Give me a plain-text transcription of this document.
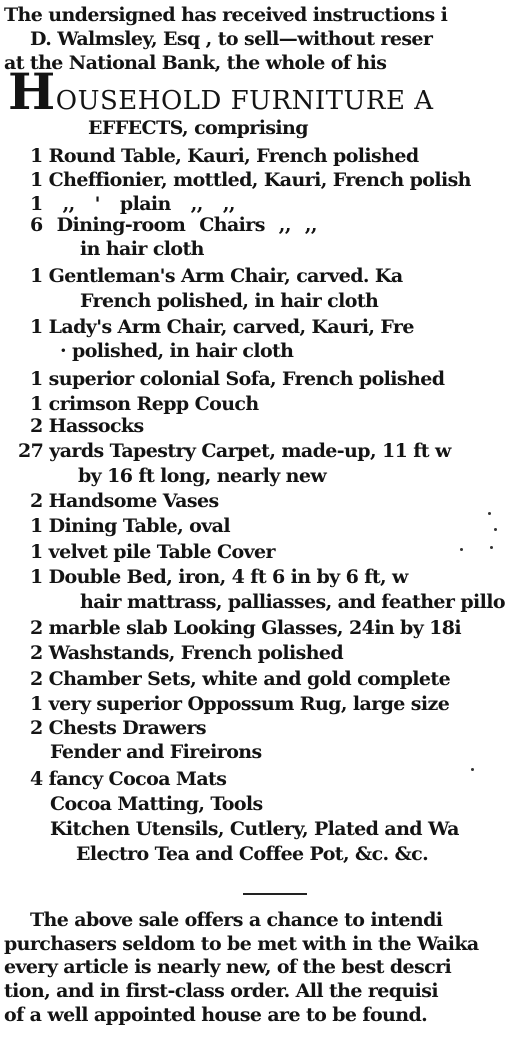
The undersigned has received instructions i
D. Walmsley, Esq , to sell—without reser
at the National Bank, the whole of his
HOUSEHOLD FURNITURE A
EFFECTS, comprising
1 Round Table, Kauri, French polished
1 Cheffionier, mottled, Kauri, French polish
1 ,, ' plain ,, ,,
6 Dining-room Chairs ,, ,,
in hair cloth
1 Gentleman's Arm Chair, carved. Ka
French polished, in hair cloth
1 Lady's Arm Chair, carved, Kauri, Fre
· polished, in hair cloth
1 superior colonial Sofa, French polished
1 crimson Repp Couch
2 Hassocks
27 yards Tapestry Carpet, made-up, 11 ft w
by 16 ft long, nearly new
2 Handsome Vases
1 Dining Table, oval
1 velvet pile Table Cover
1 Double Bed, iron, 4 ft 6 in by 6 ft, w
hair mattrass, palliasses, and feather pillo
2 marble slab Looking Glasses, 24in by 18i
2 Washstands, French polished
2 Chamber Sets, white and gold complete
1 very superior Oppossum Rug, large size
2 Chests Drawers
Fender and Fireirons
4 fancy Cocoa Mats
Cocoa Matting, Tools
Kitchen Utensils, Cutlery, Plated and Wa
Electro Tea and Coffee Pot, &c. &c.
The above sale offers a chance to intendi
purchasers seldom to be met with in the Waika
every article is nearly new, of the best descri
tion, and in first-class order. All the requisi
of a well appointed house are to be found.
